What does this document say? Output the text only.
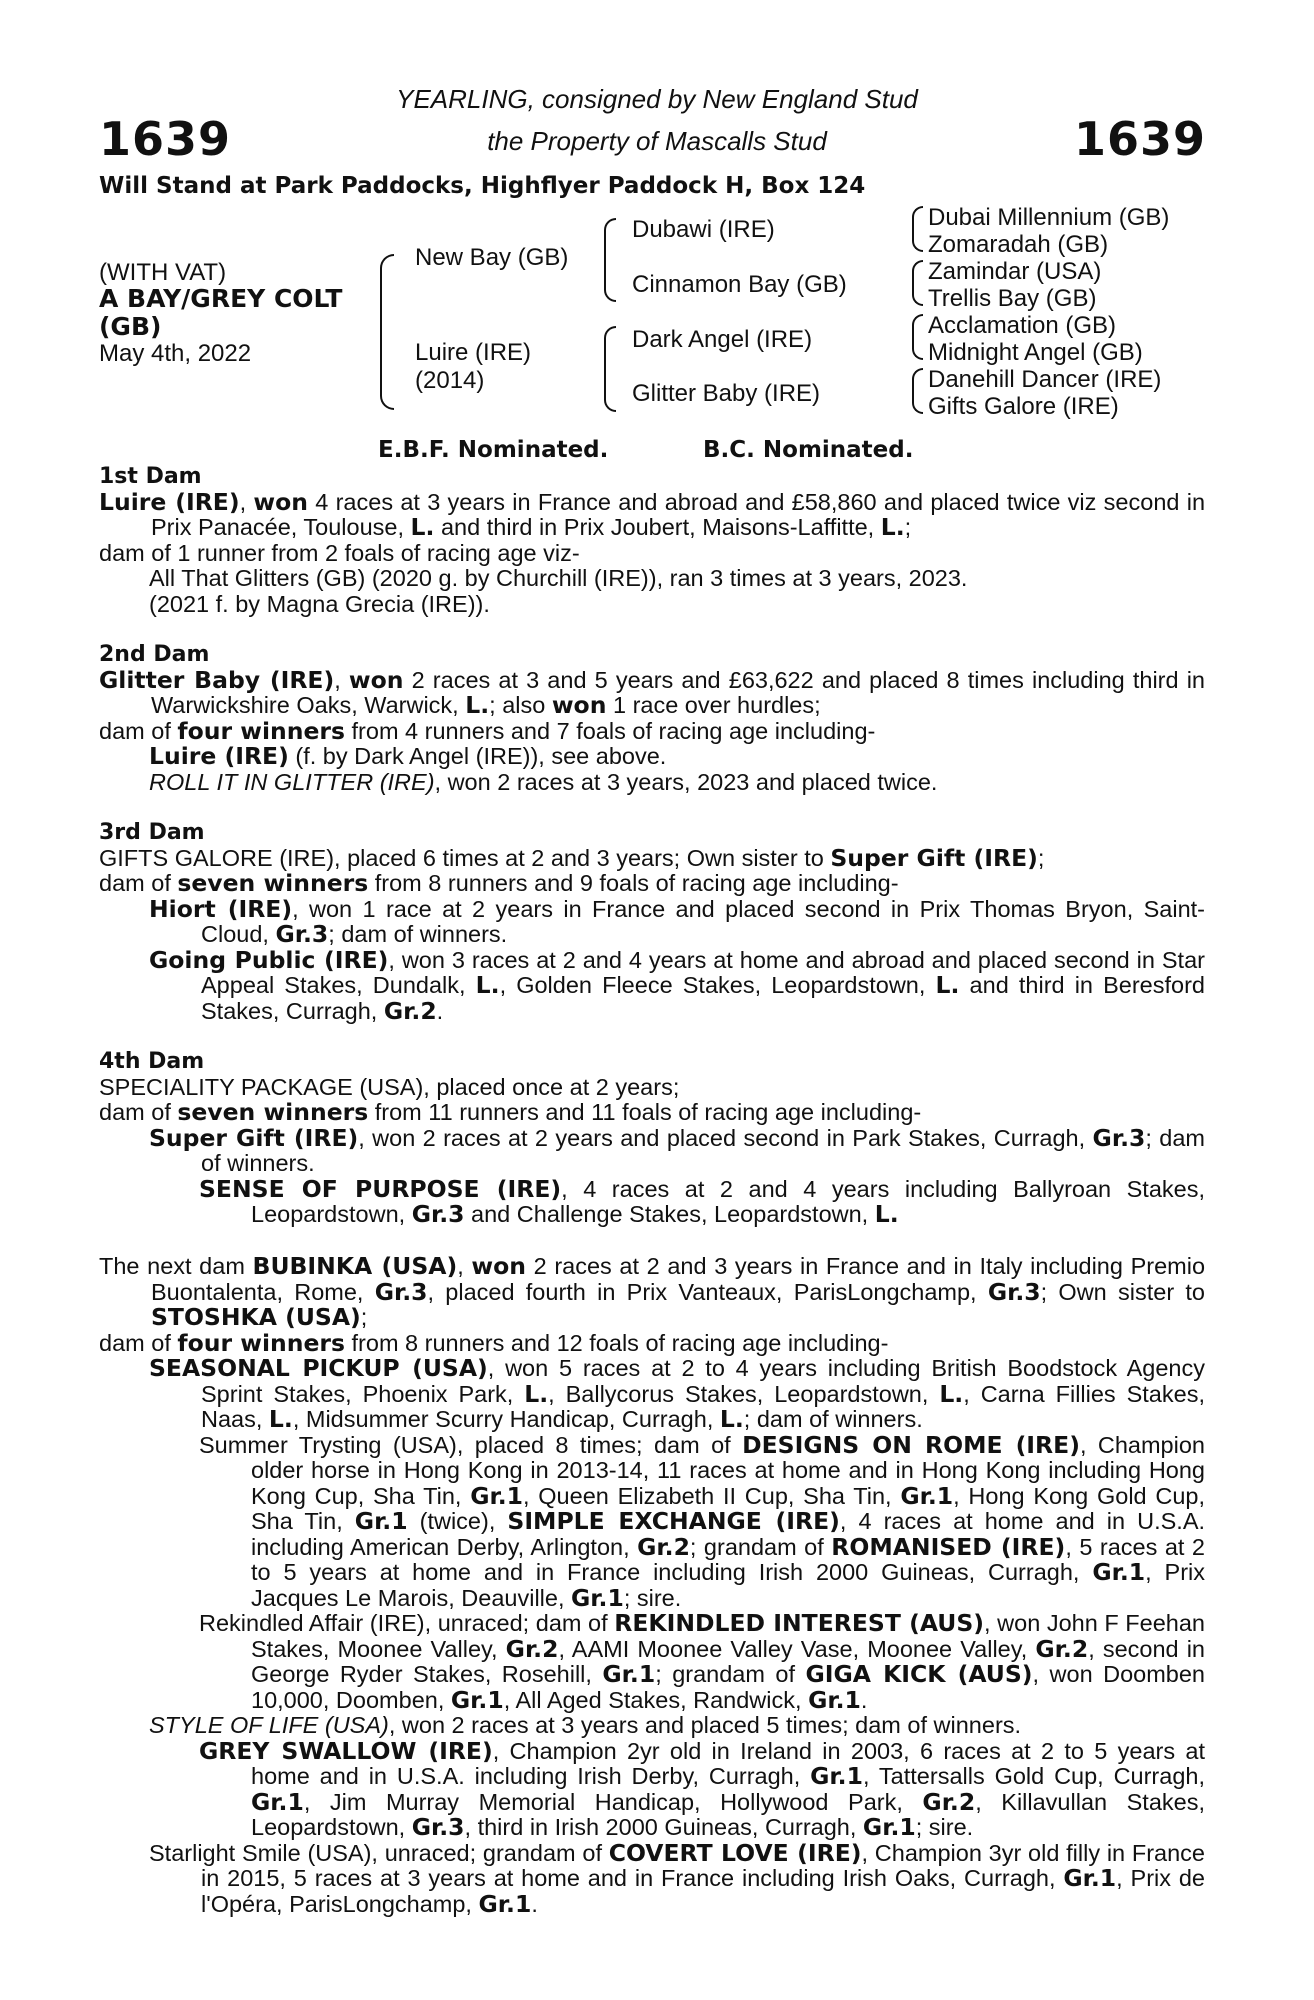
1639	1639
YEARLING, consigned by New England Stud
the Property of Mascalls Stud
Will Stand at Park Paddocks, Highflyer Paddock H, Box 124
(WITH VAT)
A BAY/GREY COLT
(GB)
May 4th, 2022
New Bay (GB)
Luire (IRE)
(2014)
Dubawi (IRE)
Cinnamon Bay (GB)
Dark Angel (IRE)
Glitter Baby (IRE)
Dubai Millennium (GB)
Zomaradah (GB)
Zamindar (USA)
Trellis Bay (GB)
Acclamation (GB)
Midnight Angel (GB)
Danehill Dancer (IRE)
Gifts Galore (IRE)
E.B.F. Nominated.	B.C. Nominated.
1st Dam
Luire (IRE), won 4 races at 3 years in France and abroad and £58,860 and placed twice viz second in Prix Panacée, Toulouse, L. and third in Prix Joubert, Maisons-Laffitte, L.;
dam of 1 runner from 2 foals of racing age viz-
All That Glitters (GB) (2020 g. by Churchill (IRE)), ran 3 times at 3 years, 2023.
(2021 f. by Magna Grecia (IRE)).
2nd Dam
Glitter Baby (IRE), won 2 races at 3 and 5 years and £63,622 and placed 8 times including third in Warwickshire Oaks, Warwick, L.; also won 1 race over hurdles;
dam of four winners from 4 runners and 7 foals of racing age including-
Luire (IRE) (f. by Dark Angel (IRE)), see above.
ROLL IT IN GLITTER (IRE), won 2 races at 3 years, 2023 and placed twice.
3rd Dam
GIFTS GALORE (IRE), placed 6 times at 2 and 3 years; Own sister to Super Gift (IRE);
dam of seven winners from 8 runners and 9 foals of racing age including-
Hiort (IRE), won 1 race at 2 years in France and placed second in Prix Thomas Bryon, Saint-Cloud, Gr.3; dam of winners.
Going Public (IRE), won 3 races at 2 and 4 years at home and abroad and placed second in Star Appeal Stakes, Dundalk, L., Golden Fleece Stakes, Leopardstown, L. and third in Beresford Stakes, Curragh, Gr.2.
4th Dam
SPECIALITY PACKAGE (USA), placed once at 2 years;
dam of seven winners from 11 runners and 11 foals of racing age including-
Super Gift (IRE), won 2 races at 2 years and placed second in Park Stakes, Curragh, Gr.3; dam of winners.
SENSE OF PURPOSE (IRE), 4 races at 2 and 4 years including Ballyroan Stakes, Leopardstown, Gr.3 and Challenge Stakes, Leopardstown, L.
The next dam BUBINKA (USA), won 2 races at 2 and 3 years in France and in Italy including Premio Buontalenta, Rome, Gr.3, placed fourth in Prix Vanteaux, ParisLongchamp, Gr.3; Own sister to STOSHKA (USA);
dam of four winners from 8 runners and 12 foals of racing age including-
SEASONAL PICKUP (USA), won 5 races at 2 to 4 years including British Boodstock Agency Sprint Stakes, Phoenix Park, L., Ballycorus Stakes, Leopardstown, L., Carna Fillies Stakes, Naas, L., Midsummer Scurry Handicap, Curragh, L.; dam of winners.
Summer Trysting (USA), placed 8 times; dam of DESIGNS ON ROME (IRE), Champion older horse in Hong Kong in 2013-14, 11 races at home and in Hong Kong including Hong Kong Cup, Sha Tin, Gr.1, Queen Elizabeth II Cup, Sha Tin, Gr.1, Hong Kong Gold Cup, Sha Tin, Gr.1 (twice), SIMPLE EXCHANGE (IRE), 4 races at home and in U.S.A. including American Derby, Arlington, Gr.2; grandam of ROMANISED (IRE), 5 races at 2 to 5 years at home and in France including Irish 2000 Guineas, Curragh, Gr.1, Prix Jacques Le Marois, Deauville, Gr.1; sire.
Rekindled Affair (IRE), unraced; dam of REKINDLED INTEREST (AUS), won John F Feehan Stakes, Moonee Valley, Gr.2, AAMI Moonee Valley Vase, Moonee Valley, Gr.2, second in George Ryder Stakes, Rosehill, Gr.1; grandam of GIGA KICK (AUS), won Doomben 10,000, Doomben, Gr.1, All Aged Stakes, Randwick, Gr.1.
STYLE OF LIFE (USA), won 2 races at 3 years and placed 5 times; dam of winners.
GREY SWALLOW (IRE), Champion 2yr old in Ireland in 2003, 6 races at 2 to 5 years at home and in U.S.A. including Irish Derby, Curragh, Gr.1, Tattersalls Gold Cup, Curragh, Gr.1, Jim Murray Memorial Handicap, Hollywood Park, Gr.2, Killavullan Stakes, Leopardstown, Gr.3, third in Irish 2000 Guineas, Curragh, Gr.1; sire.
Starlight Smile (USA), unraced; grandam of COVERT LOVE (IRE), Champion 3yr old filly in France in 2015, 5 races at 3 years at home and in France including Irish Oaks, Curragh, Gr.1, Prix de l'Opéra, ParisLongchamp, Gr.1.
